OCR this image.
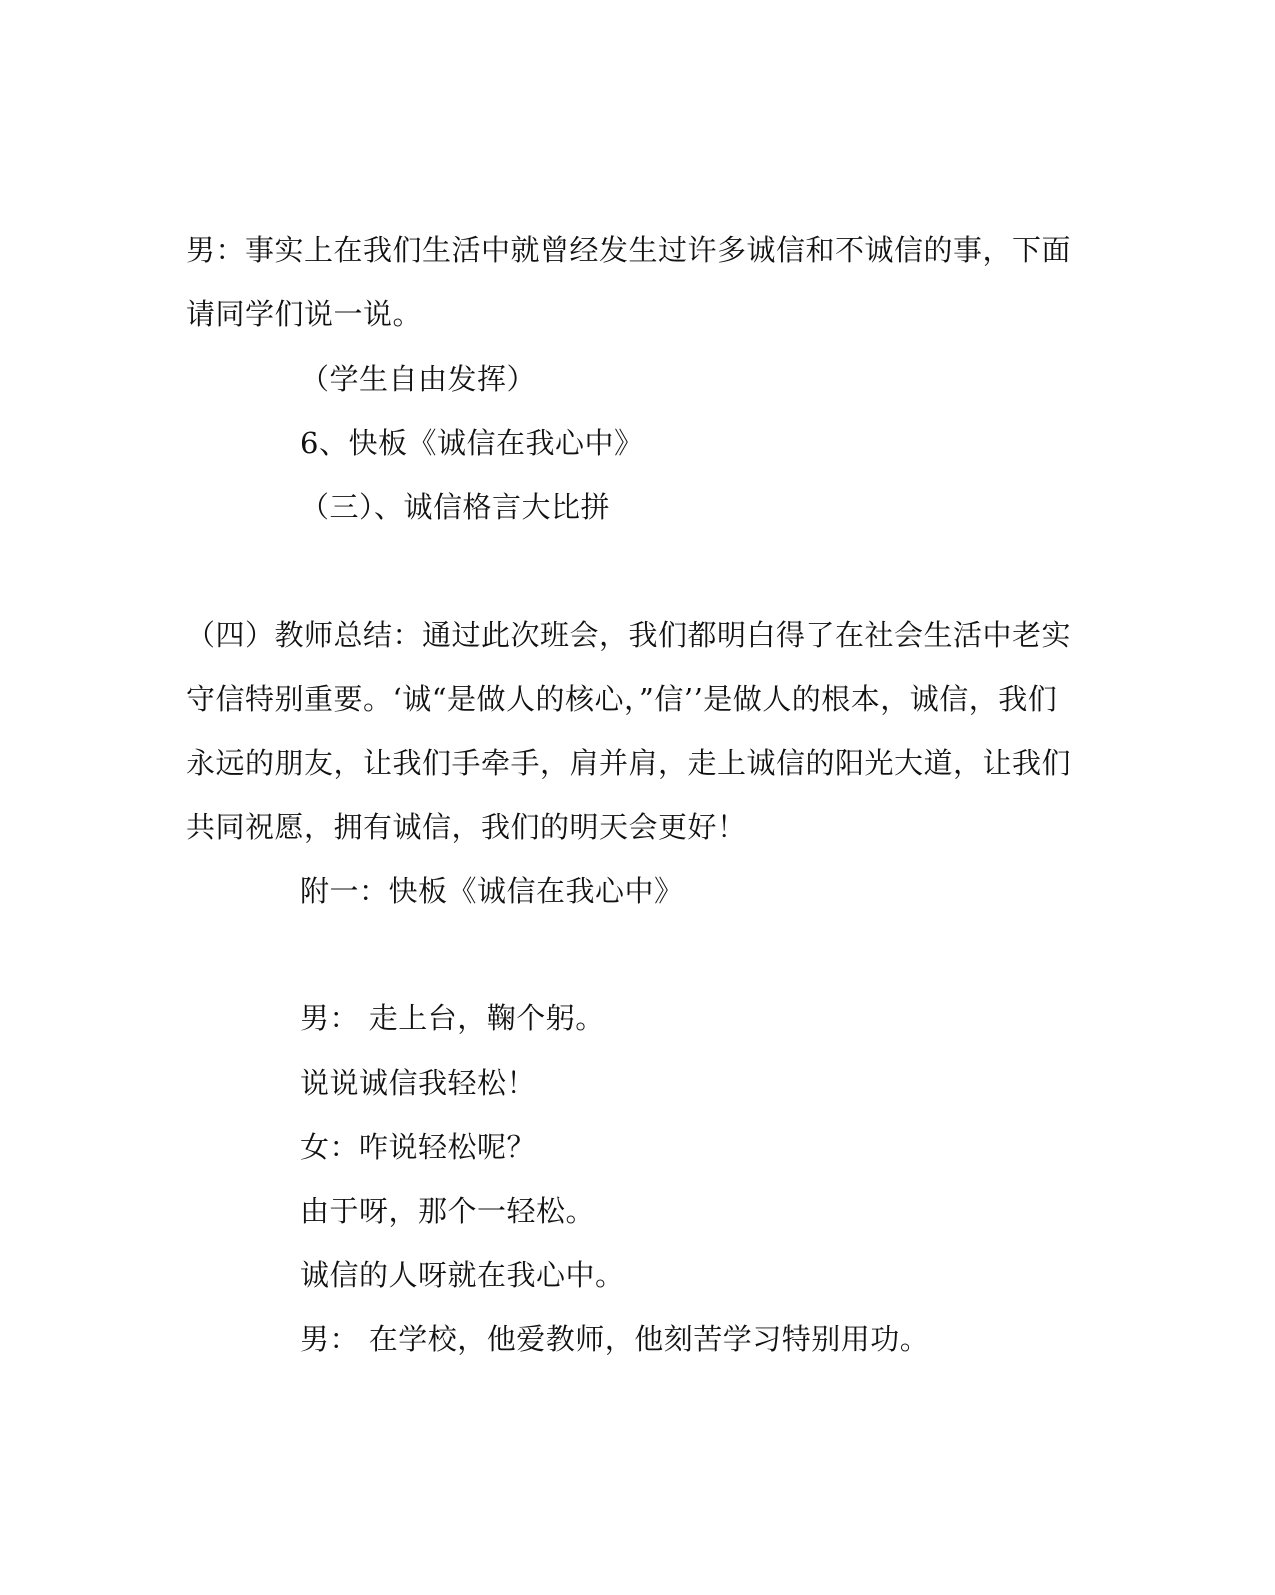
男：事实上在我们生活中就曾经发生过许多诚信和不诚信的事，下面
请同学们说一说。
（学生自由发挥）
6、快板《诚信在我心中》
（三）、诚信格言大比拼
（四）教师总结：通过此次班会，我们都明白得了在社会生活中老实
守信特别重要。‘诚“是做人的核心，”信’’是做人的根本，诚信，我们
永远的朋友，让我们手牵手，肩并肩，走上诚信的阳光大道，让我们
共同祝愿，拥有诚信，我们的明天会更好！
附一：快板《诚信在我心中》
男： 走上台，鞠个躬。
说说诚信我轻松！
女：咋说轻松呢？
由于呀，那个一轻松。
诚信的人呀就在我心中。
男： 在学校，他爱教师，他刻苦学习特别用功。
